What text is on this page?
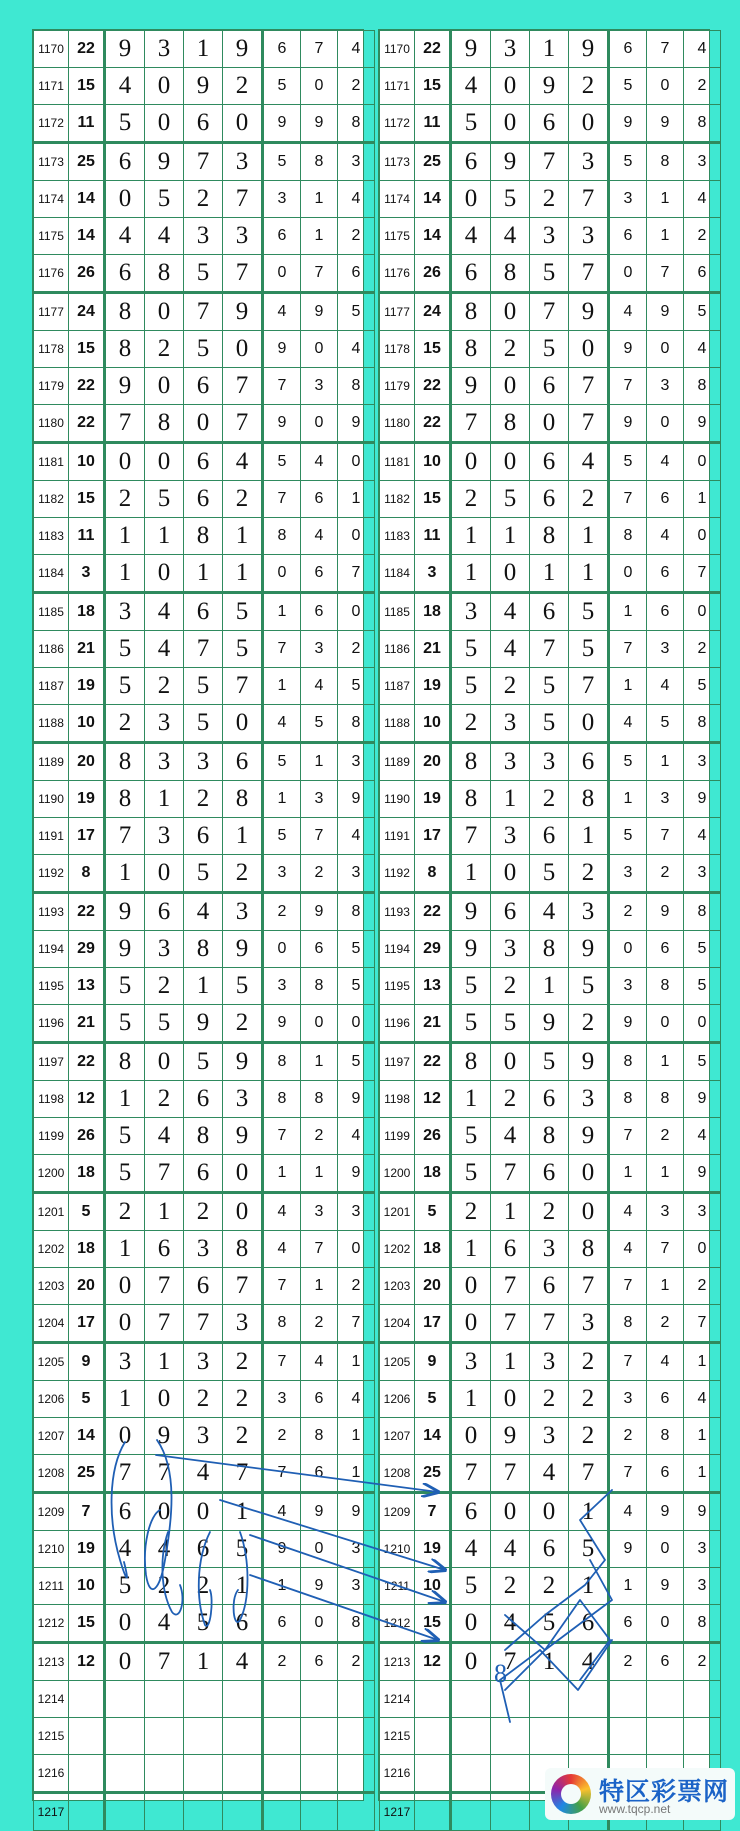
1170	22	9	3	1	9	6	7	4
1171	15	4	0	9	2	5	0	2
1172	11	5	0	6	0	9	9	8
1173	25	6	9	7	3	5	8	3
1174	14	0	5	2	7	3	1	4
1175	14	4	4	3	3	6	1	2
1176	26	6	8	5	7	0	7	6
1177	24	8	0	7	9	4	9	5
1178	15	8	2	5	0	9	0	4
1179	22	9	0	6	7	7	3	8
1180	22	7	8	0	7	9	0	9
1181	10	0	0	6	4	5	4	0
1182	15	2	5	6	2	7	6	1
1183	11	1	1	8	1	8	4	0
1184	3	1	0	1	1	0	6	7
1185	18	3	4	6	5	1	6	0
1186	21	5	4	7	5	7	3	2
1187	19	5	2	5	7	1	4	5
1188	10	2	3	5	0	4	5	8
1189	20	8	3	3	6	5	1	3
1190	19	8	1	2	8	1	3	9
1191	17	7	3	6	1	5	7	4
1192	8	1	0	5	2	3	2	3
1193	22	9	6	4	3	2	9	8
1194	29	9	3	8	9	0	6	5
1195	13	5	2	1	5	3	8	5
1196	21	5	5	9	2	9	0	0
1197	22	8	0	5	9	8	1	5
1198	12	1	2	6	3	8	8	9
1199	26	5	4	8	9	7	2	4
1200	18	5	7	6	0	1	1	9
1201	5	2	1	2	0	4	3	3
1202	18	1	6	3	8	4	7	0
1203	20	0	7	6	7	7	1	2
1204	17	0	7	7	3	8	2	7
1205	9	3	1	3	2	7	4	1
1206	5	1	0	2	2	3	6	4
1207	14	0	9	3	2	2	8	1
1208	25	7	7	4	7	7	6	1
1209	7	6	0	0	1	4	9	9
1210	19	4	4	6	5	9	0	3
1211	10	5	2	2	1	1	9	3
1212	15	0	4	5	6	6	0	8
1213	12	0	7	1	4	2	6	2
1214								
1215								
1216								
1217								
1170	22	9	3	1	9	6	7	4
1171	15	4	0	9	2	5	0	2
1172	11	5	0	6	0	9	9	8
1173	25	6	9	7	3	5	8	3
1174	14	0	5	2	7	3	1	4
1175	14	4	4	3	3	6	1	2
1176	26	6	8	5	7	0	7	6
1177	24	8	0	7	9	4	9	5
1178	15	8	2	5	0	9	0	4
1179	22	9	0	6	7	7	3	8
1180	22	7	8	0	7	9	0	9
1181	10	0	0	6	4	5	4	0
1182	15	2	5	6	2	7	6	1
1183	11	1	1	8	1	8	4	0
1184	3	1	0	1	1	0	6	7
1185	18	3	4	6	5	1	6	0
1186	21	5	4	7	5	7	3	2
1187	19	5	2	5	7	1	4	5
1188	10	2	3	5	0	4	5	8
1189	20	8	3	3	6	5	1	3
1190	19	8	1	2	8	1	3	9
1191	17	7	3	6	1	5	7	4
1192	8	1	0	5	2	3	2	3
1193	22	9	6	4	3	2	9	8
1194	29	9	3	8	9	0	6	5
1195	13	5	2	1	5	3	8	5
1196	21	5	5	9	2	9	0	0
1197	22	8	0	5	9	8	1	5
1198	12	1	2	6	3	8	8	9
1199	26	5	4	8	9	7	2	4
1200	18	5	7	6	0	1	1	9
1201	5	2	1	2	0	4	3	3
1202	18	1	6	3	8	4	7	0
1203	20	0	7	6	7	7	1	2
1204	17	0	7	7	3	8	2	7
1205	9	3	1	3	2	7	4	1
1206	5	1	0	2	2	3	6	4
1207	14	0	9	3	2	2	8	1
1208	25	7	7	4	7	7	6	1
1209	7	6	0	0	1	4	9	9
1210	19	4	4	6	5	9	0	3
1211	10	5	2	2	1	1	9	3
1212	15	0	4	5	6	6	0	8
1213	12	0	7	1	4	2	6	2
1214								
1215								
1216								
1217								
8
特区彩票网
www.tqcp.net
